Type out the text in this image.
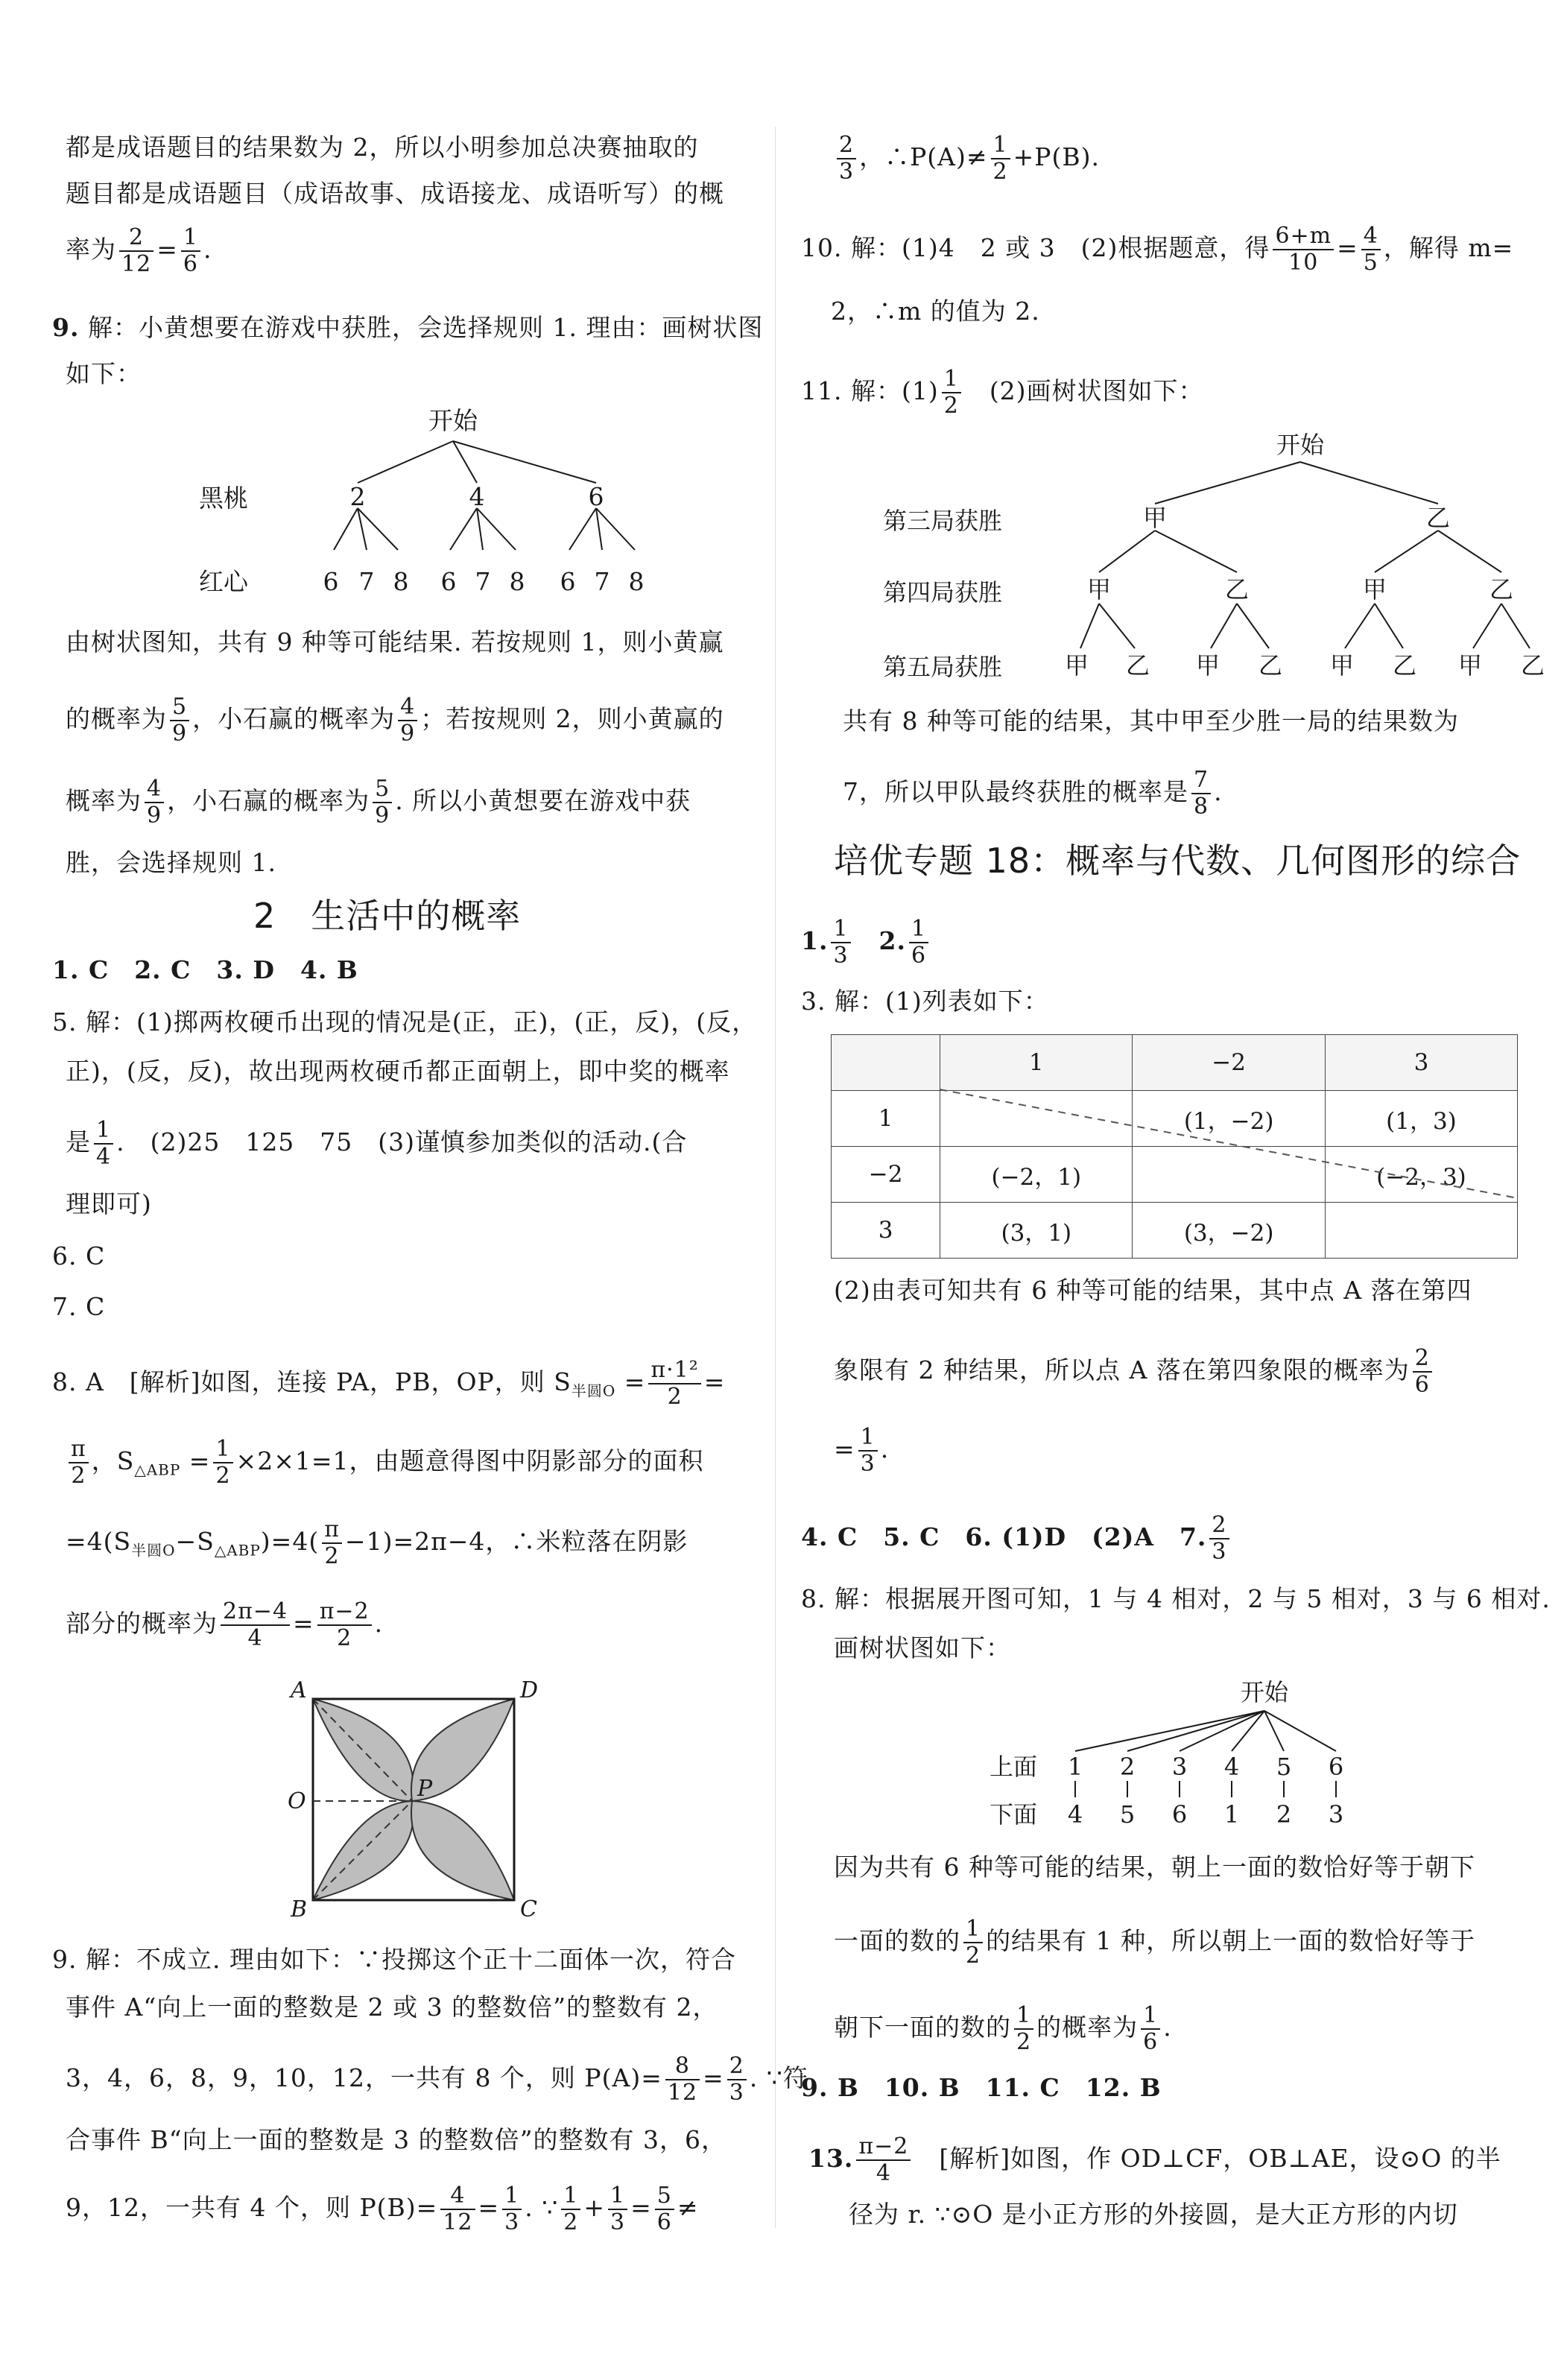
都是成语题目的结果数为 2，所以小明参加总决赛抽取的
题目都是成语题目（成语故事、成语接龙、成语听写）的概
率为 $\frac{2}{12} = \frac{1}{6}$ .
9. 解：小黄想要在游戏中获胜，会选择规则 1. 理由：画树状图
如下：
开始
黑桃
红心
2	4	6
6 7 8 6 7 8 6 7 8
由树状图知，共有 9 种等可能结果. 若按规则 1，则小黄赢
的概率为 $\frac{5}{9}$ ，小石赢的概率为 $\frac{4}{9}$ ；若按规则 2，则小黄赢的
概率为 $\frac{4}{9}$ ，小石赢的概率为 $\frac{5}{9}$ . 所以小黄想要在游戏中获
胜，会选择规则 1.
2　生活中的概率
1. C　2. C　3. D　4. B
5. 解：(1)掷两枚硬币出现的情况是(正，正)，(正，反)，(反，
正)，(反，反)，故出现两枚硬币都正面朝上，即中奖的概率
是 $\frac{1}{4}$ .　(2)25　125　75　(3)谨慎参加类似的活动.(合
理即可)
6. C
7. C
8. A　[解析]如图，连接 PA，PB，OP，则 $S_{半圆O} = \frac{\text{π·1²}}{2}$ =
$\frac{\pi}{2}$ ，$S_{\triangle ABP} = \frac{1}{2} \times 2\times 1=1$，由题意得图中阴影部分的面积
$=4(S_{半圆O}-S_{\triangle ABP})=4( \frac{\pi}{2} -1)=2\pi-4$，∴米粒落在阴影
部分的概率为 $\frac{2\pi-4}{4} = \frac{\pi-2}{2}$ .
A	D
O	P
B	C
9. 解：不成立. 理由如下：∵投掷这个正十二面体一次，符合
事件 A“向上一面的整数是 2 或 3 的整数倍”的整数有 2，
3，4，6，8，9，10，12，一共有 8 个，则 $P(A)= \frac{8}{12} = \frac{2}{3}$ . ∵符
合事件 B“向上一面的整数是 3 的整数倍”的整数有 3，6，
9，12，一共有 4 个，则 $P(B)= \frac{4}{12} = \frac{1}{3}$ . ∵ $\frac{1}{2} + \frac{1}{3} = \frac{5}{6}$ ≠
$\frac{2}{3}$ ，∴P(A)≠ $\frac{1}{2} +P(B)$.
10. 解：(1)4　2 或 3　(2)根据题意，得 $\frac{6+m}{10} = \frac{4}{5}$ ，解得 m=
2，∴m 的值为 2.
11. 解：$(1) \frac{1}{2}$ 　(2)画树状图如下：
开始
第三局获胜
第四局获胜
第五局获胜
甲	乙
甲	乙	甲	乙
甲 乙 甲 乙 甲 乙 甲 乙
共有 8 种等可能的结果，其中甲至少胜一局的结果数为
7，所以甲队最终获胜的概率是 $\frac{7}{8}$ .
培优专题 18：概率与代数、几何图形的综合
1. $\frac{1}{3}$
　 2. $\frac{1}{6}$
3. 解：(1)列表如下：
	1	−2	3
1		(1，−2)	(1，3)
−2	(−2，1)		(−2，3)
3	(3，1)	(3，−2)	
(2)由表可知共有 6 种等可能的结果，其中点 A 落在第四
象限有 2 种结果，所以点 A 落在第四象限的概率为 $\frac{2}{6}$
= $\frac{1}{3}$ .
4. C　5. C　6. (1)D　(2)A　7. $\frac{2}{3}$
8. 解：根据展开图可知，1 与 4 相对，2 与 5 相对，3 与 6 相对.
画树状图如下：
开始
上面
下面
1 2 3 4 5 6
4 5 6 1 2 3
因为共有 6 种等可能的结果，朝上一面的数恰好等于朝下
一面的数的 $\frac{1}{2}$ 的结果有 1 种，所以朝上一面的数恰好等于
朝下一面的数的 $\frac{1}{2}$ 的概率为 $\frac{1}{6}$ .
9. B　10. B　11. C　12. B
13. $\frac{\pi-2}{4}$ 　[解析]如图，作 OD⊥CF，OB⊥AE，设⊙O 的半
径为 r. ∵⊙O 是小正方形的外接圆，是大正方形的内切
